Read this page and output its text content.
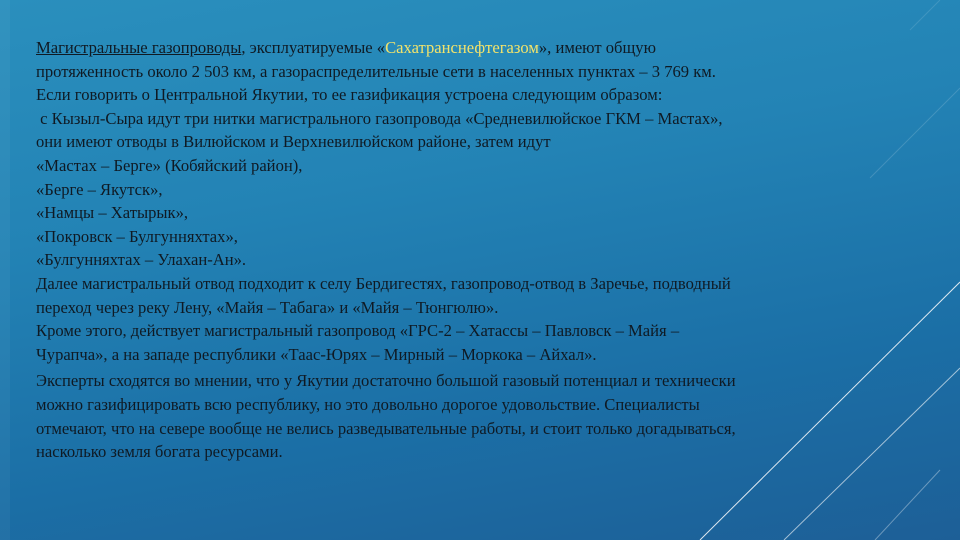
Магистральные газопроводы, эксплуатируемые «Сахатранснефтегазом», имеют общую
протяженность около 2 503 км, а газораспределительные сети в населенных пунктах – 3 769 км.
Если говорить о Центральной Якутии, то ее газификация устроена следующим образом:
с Кызыл-Сыра идут три нитки магистрального газопровода «Средневилюйское ГКМ – Мастах»,
они имеют отводы в Вилюйском и Верхневилюйском районе, затем идут
«Мастах – Берге» (Кобяйский район),
«Берге – Якутск»,
«Намцы – Хатырык»,
«Покровск – Булгунняхтах»,
«Булгунняхтах – Улахан-Ан».
Далее магистральный отвод подходит к селу Бердигестях, газопровод-отвод в Заречье, подводный
переход через реку Лену, «Майя – Табага» и «Майя – Тюнгюлю».
Кроме этого, действует магистральный газопровод «ГРС-2 – Хатассы – Павловск – Майя –
Чурапча», а на западе республики «Таас-Юрях – Мирный – Моркока – Айхал».
Эксперты сходятся во мнении, что у Якутии достаточно большой газовый потенциал и технически
можно газифицировать всю республику, но это довольно дорогое удовольствие. Специалисты
отмечают, что на севере вообще не велись разведывательные работы, и стоит только догадываться,
насколько земля богата ресурсами.
